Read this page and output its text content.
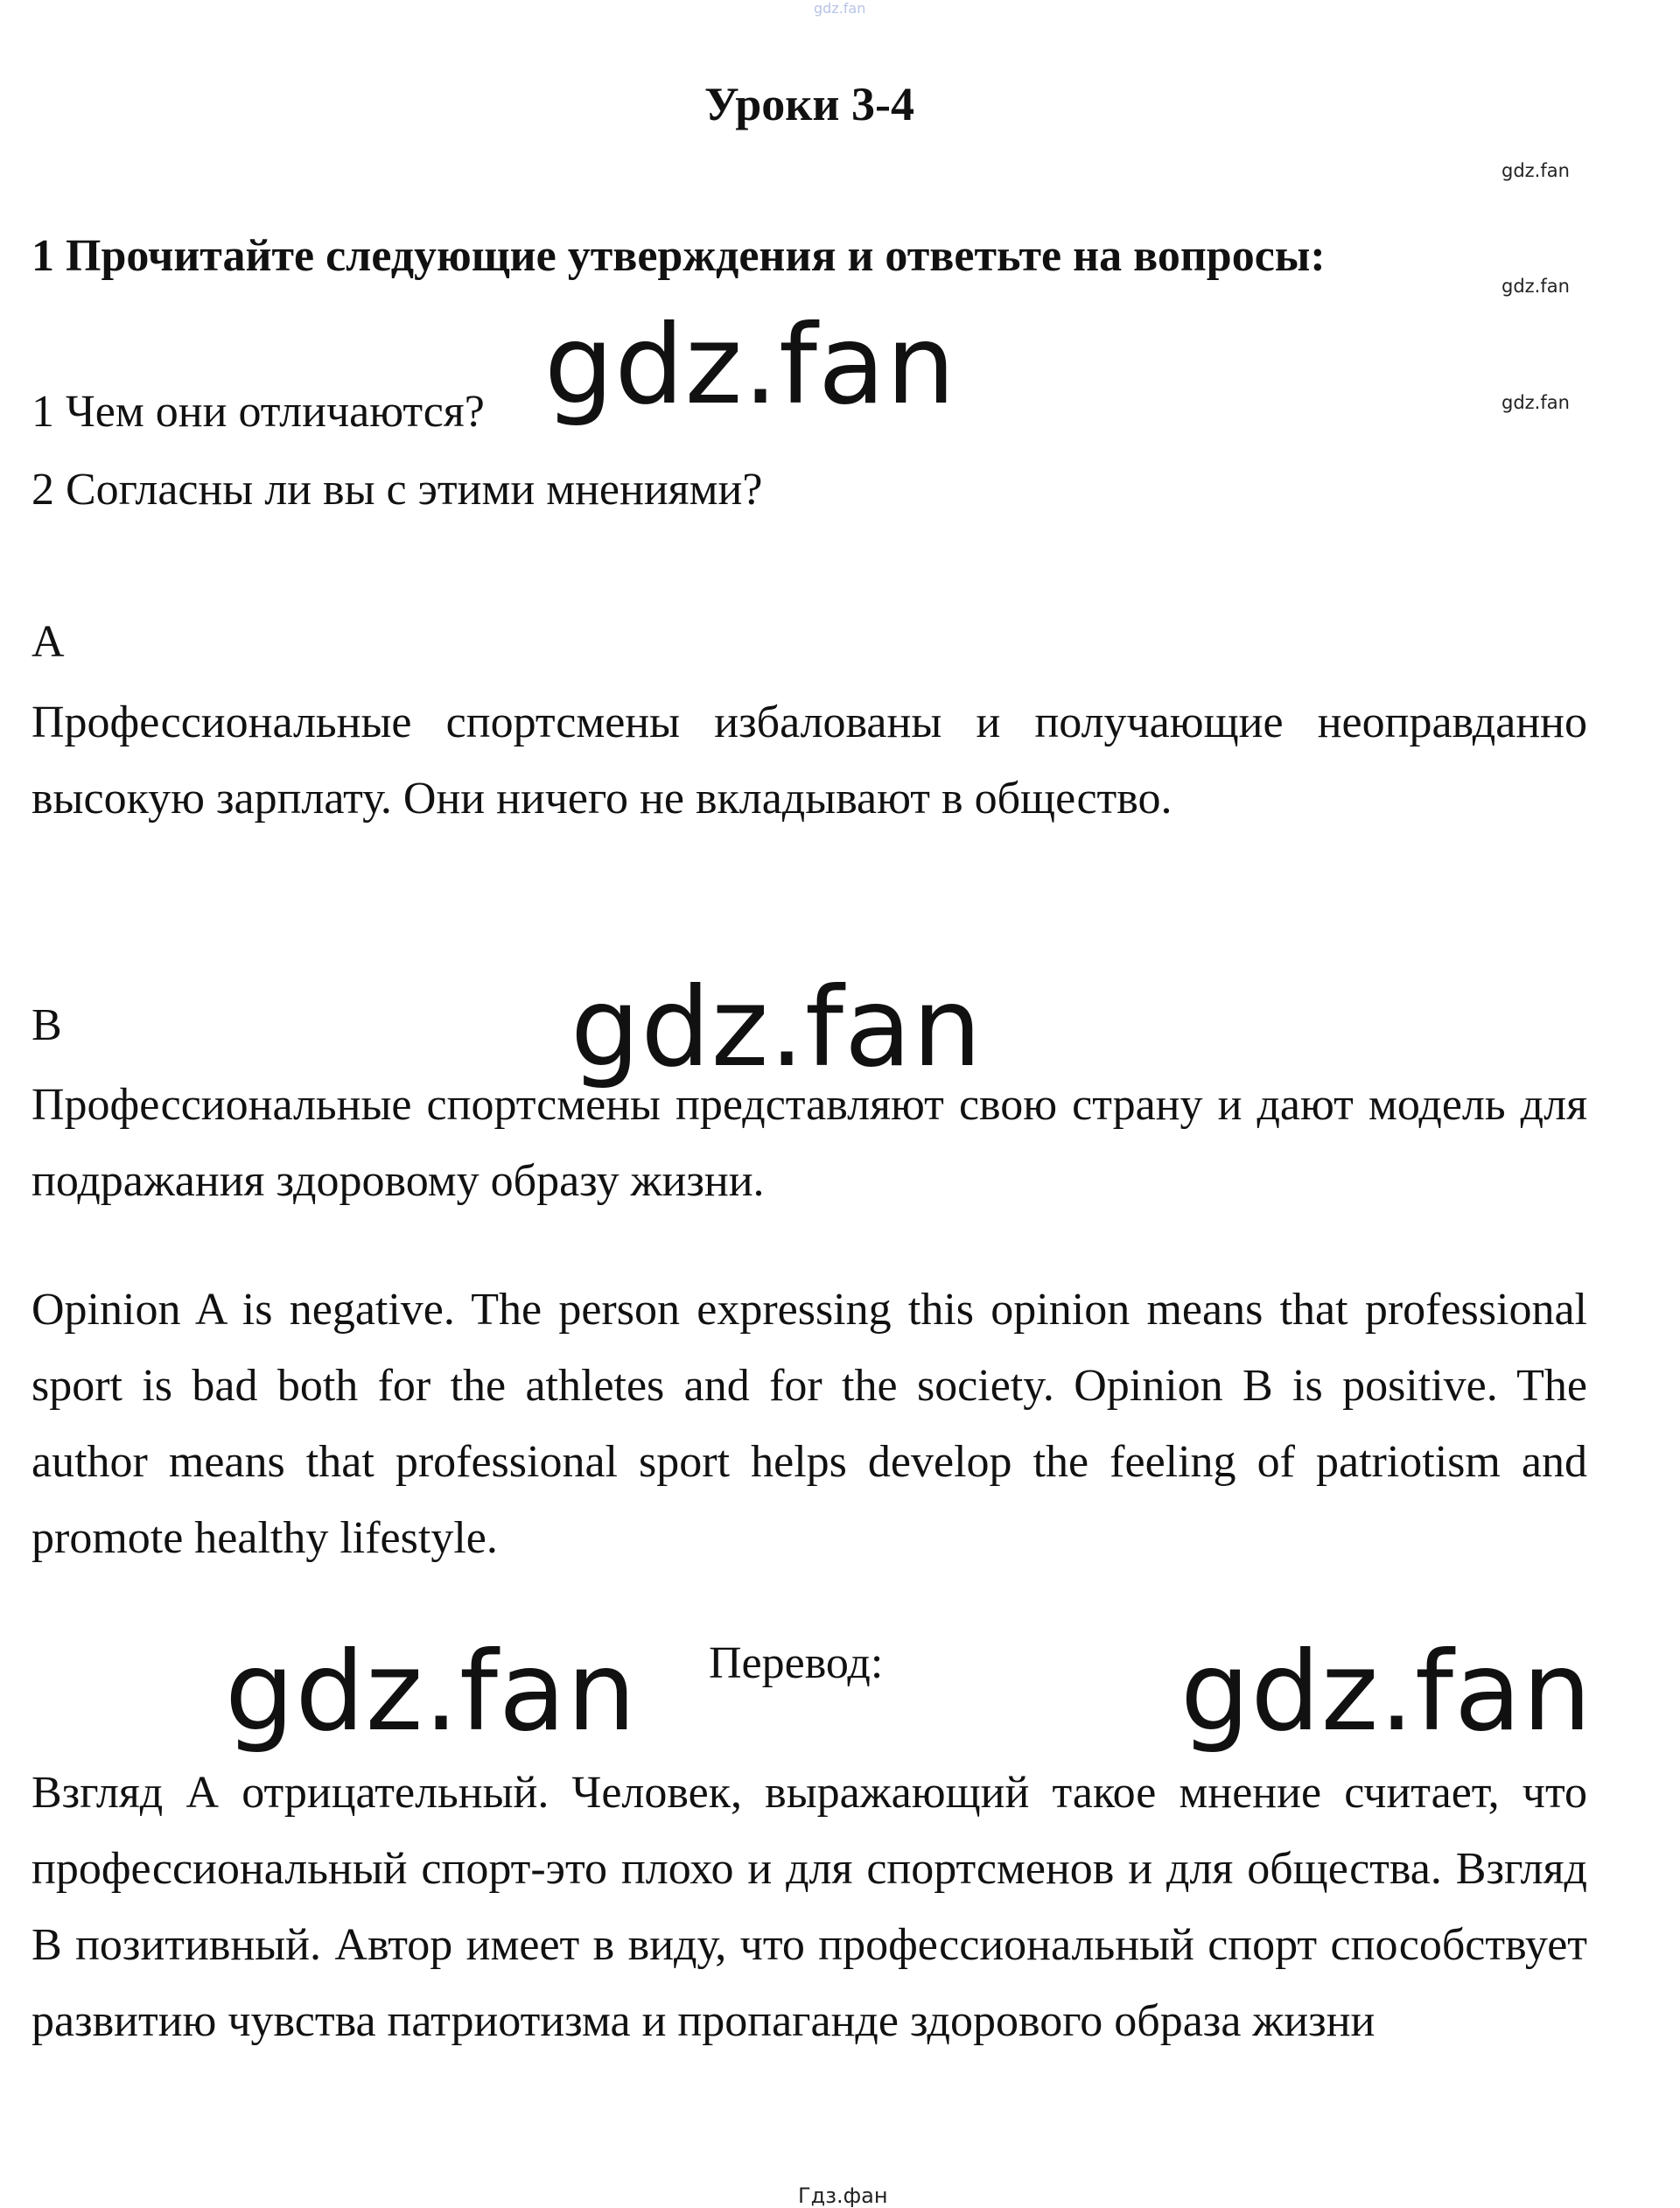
gdz.fan
Уроки 3-4
gdz.fan
1 Прочитайте следующие утверждения и ответьте на вопросы:
gdz.fan
1 Чем они отличаются?	gdz.fan
2 Согласны ли вы с этими мнениями?
gdz.fan
A
Профессиональные спортсмены избалованы и получающие неоправданно высокую зарплату. Они ничего не вкладывают в общество.
B	gdz.fan
Профессиональные спортсмены представляют свою страну и дают модель для подражания здоровому образу жизни.
Opinion A is negative. The person expressing this opinion means that professional sport is bad both for the athletes and for the society. Opinion B is positive. The author means that professional sport helps develop the feeling of patriotism and promote healthy lifestyle.
gdz.fan Перевод:	gdz.fan
Взгляд А отрицательный. Человек, выражающий такое мнение считает, что профессиональный спорт-это плохо и для спортсменов и для общества. Взгляд В позитивный. Автор имеет в виду, что профессиональный спорт способствует развитию чувства патриотизма и пропаганде здорового образа жизни
Гдз.фан
